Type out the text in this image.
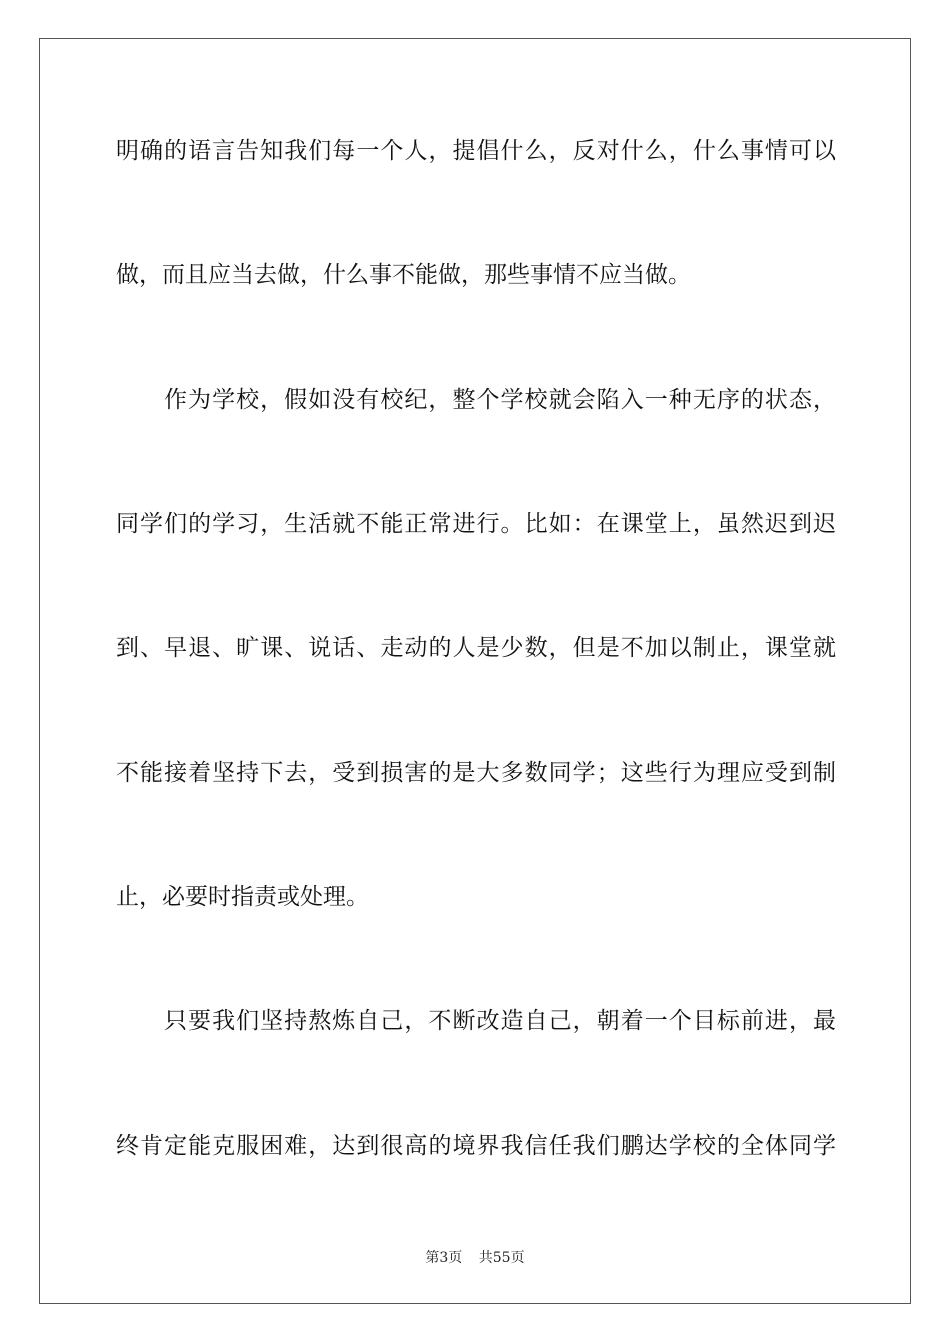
明确的语言告知我们每一个人，提倡什么，反对什么，什么事情可以
做，而且应当去做，什么事不能做，那些事情不应当做。
作为学校，假如没有校纪，整个学校就会陷入一种无序的状态，
同学们的学习，生活就不能正常进行。比如：在课堂上，虽然迟到迟
到、早退、旷课、说话、走动的人是少数，但是不加以制止，课堂就
不能接着坚持下去，受到损害的是大多数同学；这些行为理应受到制
止，必要时指责或处理。
只要我们坚持熬炼自己，不断改造自己，朝着一个目标前进，最
终肯定能克服困难，达到很高的境界我信任我们鹏达学校的全体同学
第3页 共55页
